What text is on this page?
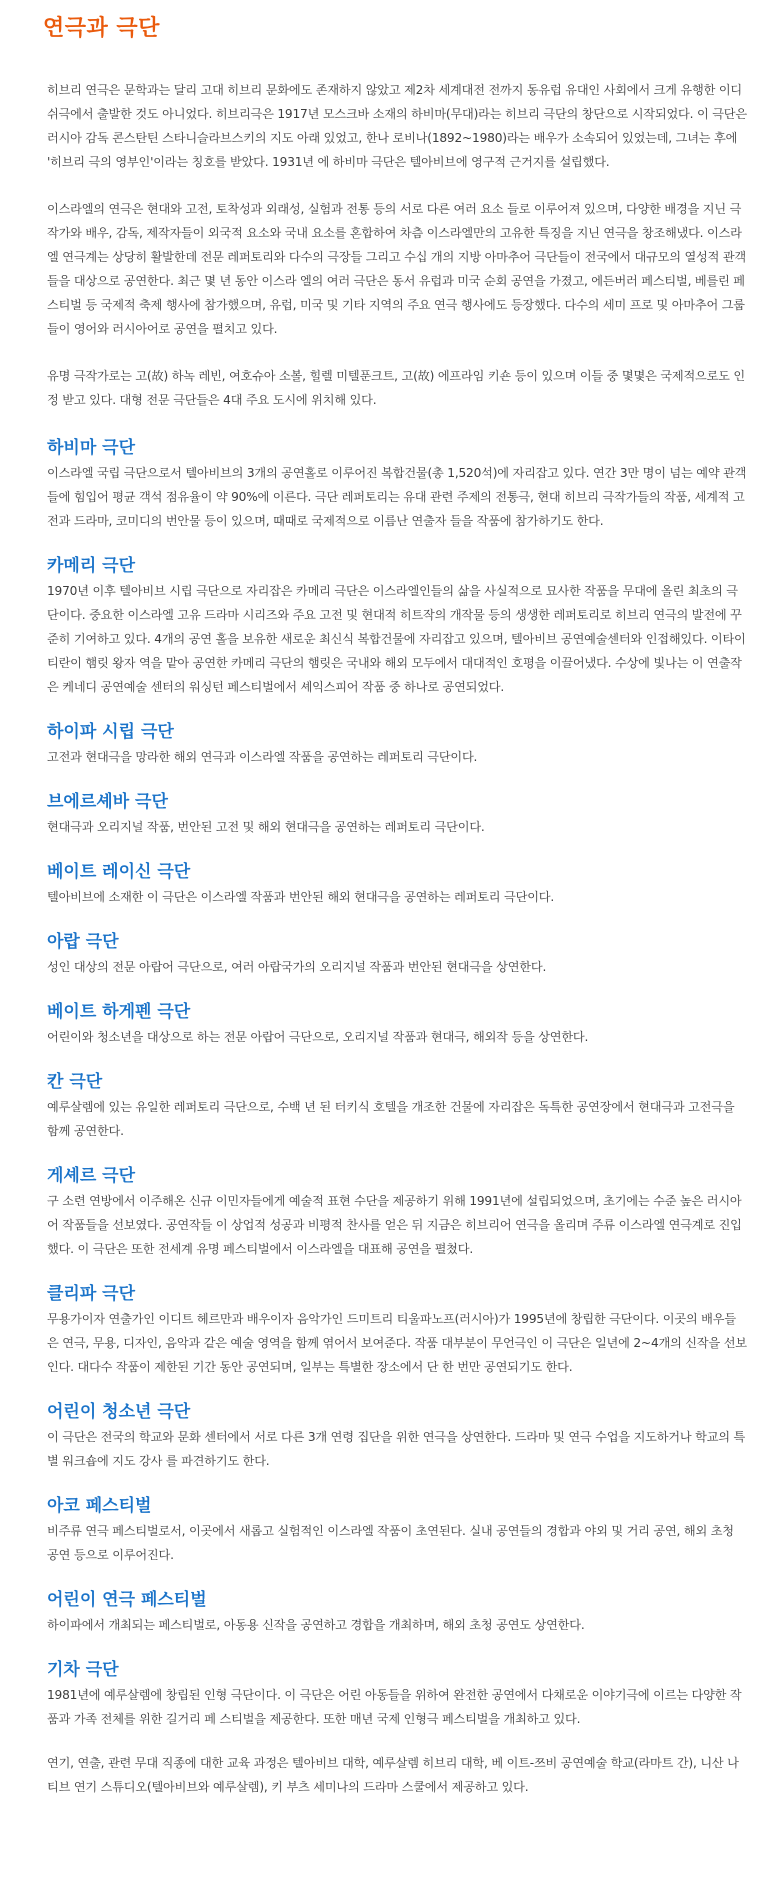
연극과 극단

히브리 연극은 문학과는 달리 고대 히브리 문화에도 존재하지 않았고 제2차 세계대전 전까지 동유럽 유대인 사회에서 크게 유행한 이디쉬극에서 출발한 것도 아니었다. 히브리극은 1917년 모스크바 소재의 하비마(무대)라는 히브리 극단의 창단으로 시작되었다. 이 극단은 러시아 감독 콘스탄틴 스타니슬라브스키의 지도 아래 있었고, 한나 로비나(1892~1980)라는 배우가 소속되어 있었는데, 그녀는 후에 '히브리 극의 영부인'이라는 칭호를 받았다. 1931년 에 하비마 극단은 텔아비브에 영구적 근거지를 설립했다.

이스라엘의 연극은 현대와 고전, 토착성과 외래성, 실험과 전통 등의 서로 다른 여러 요소 들로 이루어져 있으며, 다양한 배경을 지닌 극작가와 배우, 감독, 제작자들이 외국적 요소와 국내 요소를 혼합하여 차츰 이스라엘만의 고유한 특징을 지닌 연극을 창조해냈다. 이스라엘 연극계는 상당히 활발한데 전문 레퍼토리와 다수의 극장들 그리고 수십 개의 지방 아마추어 극단들이 전국에서 대규모의 열성적 관객들을 대상으로 공연한다. 최근 몇 년 동안 이스라 엘의 여러 극단은 동서 유럽과 미국 순회 공연을 가졌고, 에든버러 페스티벌, 베를린 페스티벌 등 국제적 축제 행사에 참가했으며, 유럽, 미국 및 기타 지역의 주요 연극 행사에도 등장했다. 다수의 세미 프로 및 아마추어 그룹들이 영어와 러시아어로 공연을 펼치고 있다.

유명 극작가로는 고(故) 하녹 레빈, 여호슈아 소볼, 힐렐 미텔푼크트, 고(故) 에프라임 키숀 등이 있으며 이들 중 몇몇은 국제적으로도 인정 받고 있다. 대형 전문 극단들은 4대 주요 도시에 위치해 있다.

하비마 극단

이스라엘 국립 극단으로서 텔아비브의 3개의 공연홀로 이루어진 복합건물(총 1,520석)에 자리잡고 있다. 연간 3만 명이 넘는 예약 관객들에 힘입어 평균 객석 점유율이 약 90%에 이른다. 극단 레퍼토리는 유대 관련 주제의 전통극, 현대 히브리 극작가들의 작품, 세계적 고전과 드라마, 코미디의 번안물 등이 있으며, 때때로 국제적으로 이름난 연출자 들을 작품에 참가하기도 한다.

카메리 극단

1970년 이후 텔아비브 시립 극단으로 자리잡은 카메리 극단은 이스라엘인들의 삶을 사실적으로 묘사한 작품을 무대에 올린 최초의 극단이다. 중요한 이스라엘 고유 드라마 시리즈와 주요 고전 및 현대적 히트작의 개작물 등의 생생한 레퍼토리로 히브리 연극의 발전에 꾸준히 기여하고 있다. 4개의 공연 홀을 보유한 새로운 최신식 복합건물에 자리잡고 있으며, 텔아비브 공연예술센터와 인접해있다. 이타이 티란이 햄릿 왕자 역을 맡아 공연한 카메리 극단의 햄릿은 국내와 해외 모두에서 대대적인 호평을 이끌어냈다. 수상에 빛나는 이 연출작은 케네디 공연예술 센터의 워싱턴 페스티벌에서 셰익스피어 작품 중 하나로 공연되었다.

하이파 시립 극단

고전과 현대극을 망라한 해외 연극과 이스라엘 작품을 공연하는 레퍼토리 극단이다.

브에르셰바 극단

현대극과 오리지널 작품, 번안된 고전 및 해외 현대극을 공연하는 레퍼토리 극단이다.

베이트 레이신 극단

텔아비브에 소재한 이 극단은 이스라엘 작품과 번안된 해외 현대극을 공연하는 레퍼토리 극단이다.

아랍 극단

성인 대상의 전문 아랍어 극단으로, 여러 아랍국가의 오리지널 작품과 번안된 현대극을 상연한다.

베이트 하게펜 극단

어린이와 청소년을 대상으로 하는 전문 아랍어 극단으로, 오리지널 작품과 현대극, 해외작 등을 상연한다.

칸 극단

예루살렘에 있는 유일한 레퍼토리 극단으로, 수백 년 된 터키식 호텔을 개조한 건물에 자리잡은 독특한 공연장에서 현대극과 고전극을 함께 공연한다.

게셰르 극단

구 소련 연방에서 이주해온 신규 이민자들에게 예술적 표현 수단을 제공하기 위해 1991년에 설립되었으며, 초기에는 수준 높은 러시아어 작품들을 선보였다. 공연작들 이 상업적 성공과 비평적 찬사를 얻은 뒤 지금은 히브리어 연극을 올리며 주류 이스라엘 연극계로 진입했다. 이 극단은 또한 전세계 유명 페스티벌에서 이스라엘을 대표해 공연을 펼쳤다.

클리파 극단

무용가이자 연출가인 이디트 헤르만과 배우이자 음악가인 드미트리 티울파노프(러시아)가 1995년에 창립한 극단이다. 이곳의 배우들은 연극, 무용, 디자인, 음악과 같은 예술 영역을 함께 엮어서 보여준다. 작품 대부분이 무언극인 이 극단은 일년에 2~4개의 신작을 선보인다. 대다수 작품이 제한된 기간 동안 공연되며, 일부는 특별한 장소에서 단 한 번만 공연되기도 한다.

어린이 청소년 극단

이 극단은 전국의 학교와 문화 센터에서 서로 다른 3개 연령 집단을 위한 연극을 상연한다. 드라마 및 연극 수업을 지도하거나 학교의 특별 워크숍에 지도 강사 를 파견하기도 한다.

아코 페스티벌

비주류 연극 페스티벌로서, 이곳에서 새롭고 실험적인 이스라엘 작품이 초연된다. 실내 공연들의 경합과 야외 및 거리 공연, 해외 초청 공연 등으로 이루어진다.

어린이 연극 페스티벌

하이파에서 개최되는 페스티벌로, 아동용 신작을 공연하고 경합을 개최하며, 해외 초청 공연도 상연한다.

기차 극단

1981년에 예루살렘에 창립된 인형 극단이다. 이 극단은 어린 아동들을 위하여 완전한 공연에서 다채로운 이야기극에 이르는 다양한 작품과 가족 전체를 위한 길거리 페 스티벌을 제공한다. 또한 매년 국제 인형극 페스티벌을 개최하고 있다.

연기, 연출, 관련 무대 직종에 대한 교육 과정은 텔아비브 대학, 예루살렘 히브리 대학, 베 이트-쯔비 공연예술 학교(라마트 간), 니산 나티브 연기 스튜디오(텔아비브와 예루살렘), 키 부츠 세미나의 드라마 스쿨에서 제공하고 있다.
